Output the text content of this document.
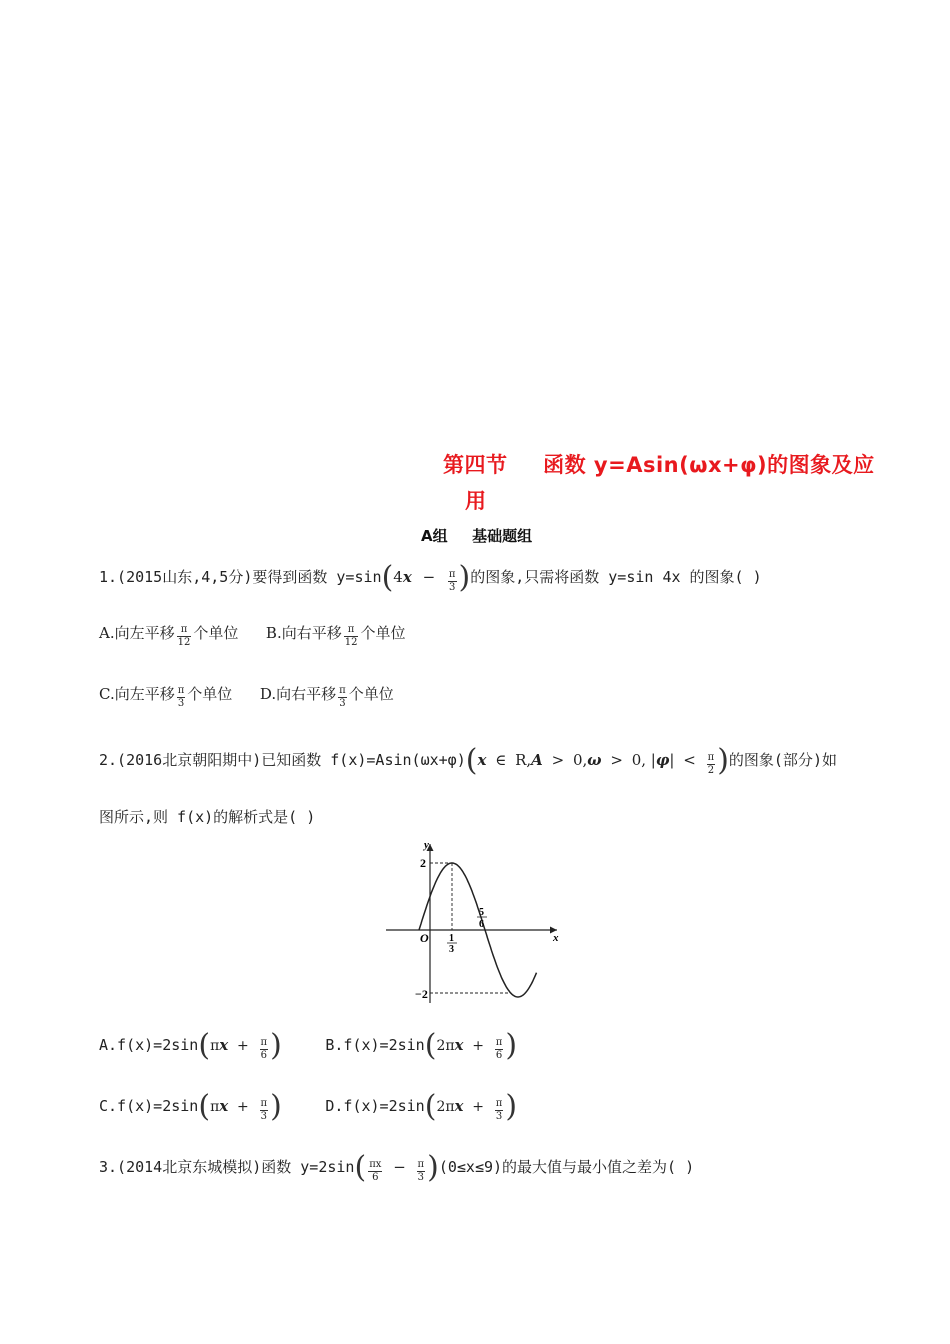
第四节 函数 y=Asin(ωx+φ)的图象及应
用
A组 基础题组
1.(2015山东,4,5分)要得到函数 $y=\sin(4x - \frac{\pi}{3}$ )的图象,只需将函数 y=sin 4x 的图象( )
A.向左平移 $\frac{\pi}{12}$ 个单位 B.向右平移 $\frac{\pi}{12}$ 个单位
C.向左平移 $\frac{\pi}{3}$ 个单位 D.向右平移 $\frac{\pi}{3}$ 个单位
2.(2016北京朝阳期中)已知函数 f(x)=Asin(ωx+φ)(x ∈ R,A > 0,ω > 0, $|\varphi| < \frac{\pi}{2}$ )的图象(部分)如
图所示,则 f(x)的解析式是( )
y
x
O
2
−2
1
3
5
6
$A.f(x)=2\sin(\pi x + \frac{\pi}{6}$ )	$B.f(x)=2\sin(2\pi x + \frac{\pi}{6}$ )
$C.f(x)=2\sin(\pi x + \frac{\pi}{3}$ )	$D.f(x)=2\sin(2\pi x + \frac{\pi}{3}$ )
3.(2014北京东城模拟)函数 $y=2\sin( \frac{\pi x}{6} - \frac{\pi}{3} )(0\le x\le 9)$的最大值与最小值之差为( )
